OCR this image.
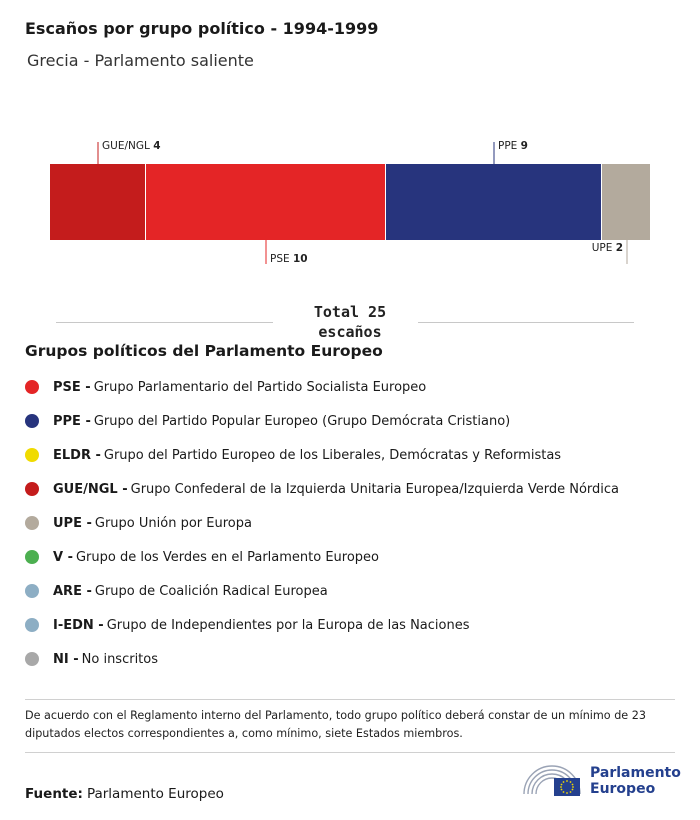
Escaños por grupo político - 1994-1999
Grecia - Parlamento saliente
GUE/NGL 4
PSE 10
PPE 9
UPE 2
Total 25
escaños
Grupos políticos del Parlamento Europeo
PSE - Grupo Parlamentario del Partido Socialista Europeo
PPE - Grupo del Partido Popular Europeo (Grupo Demócrata Cristiano)
ELDR - Grupo del Partido Europeo de los Liberales, Demócratas y Reformistas
GUE/NGL - Grupo Confederal de la Izquierda Unitaria Europea/Izquierda Verde Nórdica
UPE - Grupo Unión por Europa
V - Grupo de los Verdes en el Parlamento Europeo
ARE - Grupo de Coalición Radical Europea
I-EDN - Grupo de Independientes por la Europa de las Naciones
NI - No inscritos
De acuerdo con el Reglamento interno del Parlamento, todo grupo político deberá constar de un mínimo de 23 diputados electos correspondientes a, como mínimo, siete Estados miembros.
Fuente: Parlamento Europeo
Parlamento
Europeo
